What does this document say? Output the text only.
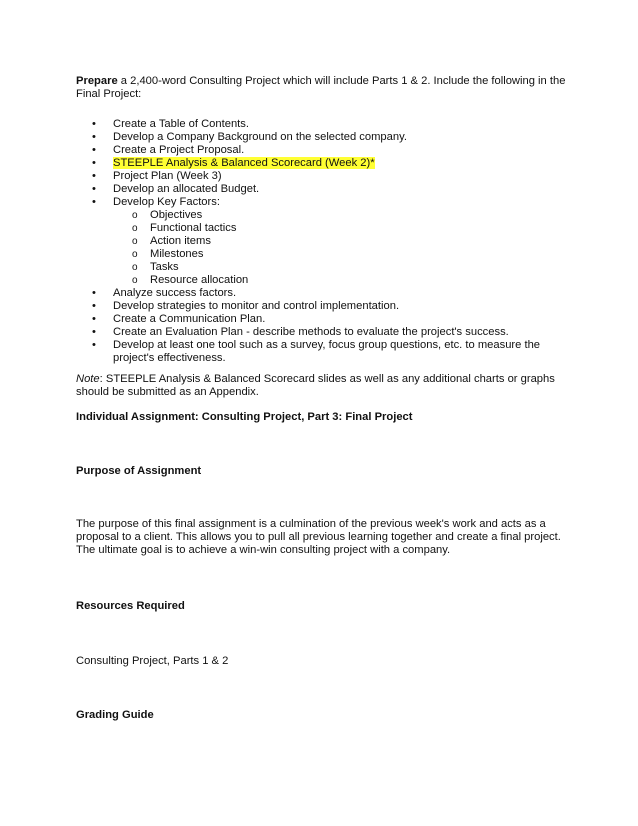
Prepare a 2,400-word Consulting Project which will include Parts 1 & 2. Include the following in the Final Project:

• Create a Table of Contents.
• Develop a Company Background on the selected company.
• Create a Project Proposal.
• STEEPLE Analysis & Balanced Scorecard (Week 2)*
• Project Plan (Week 3)
• Develop an allocated Budget.
• Develop Key Factors:
o Objectives
o Functional tactics
o Action items
o Milestones
o Tasks
o Resource allocation
• Analyze success factors.
• Develop strategies to monitor and control implementation.
• Create a Communication Plan.
• Create an Evaluation Plan - describe methods to evaluate the project's success.
• Develop at least one tool such as a survey, focus group questions, etc. to measure the project's effectiveness.

Note: STEEPLE Analysis & Balanced Scorecard slides as well as any additional charts or graphs should be submitted as an Appendix.

Individual Assignment: Consulting Project, Part 3: Final Project

Purpose of Assignment

The purpose of this final assignment is a culmination of the previous week's work and acts as a proposal to a client. This allows you to pull all previous learning together and create a final project. The ultimate goal is to achieve a win-win consulting project with a company.

Resources Required

Consulting Project, Parts 1 & 2

Grading Guide
